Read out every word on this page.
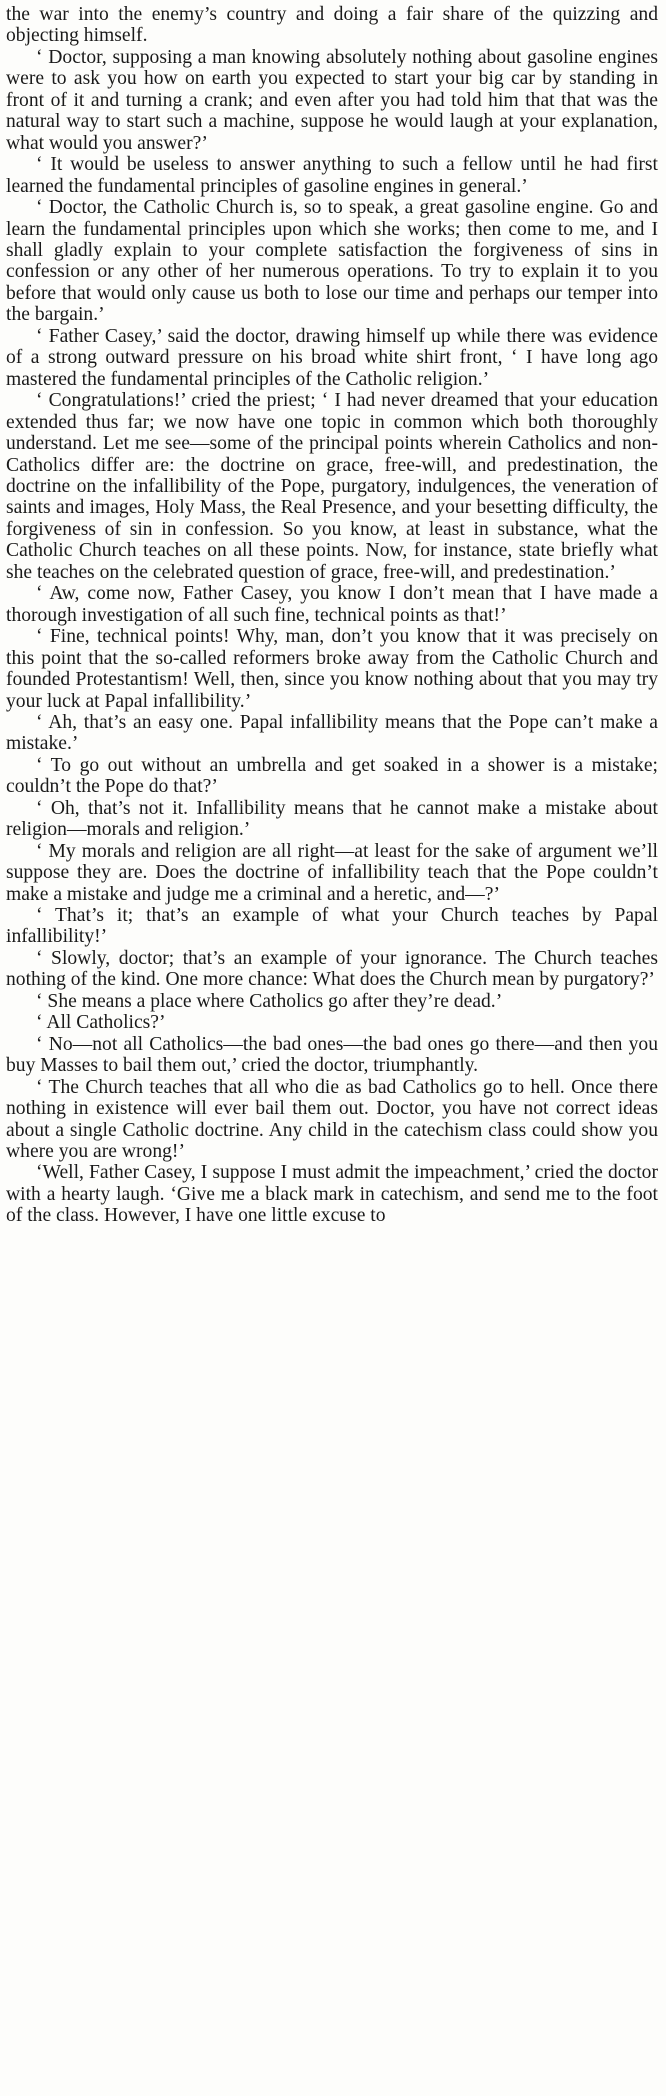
the war into the enemy’s country and doing a fair share of the quizzing and objecting himself.

‘ Doctor, supposing a man knowing absolutely nothing about gasoline engines were to ask you how on earth you expected to start your big car by standing in front of it and turning a crank; and even after you had told him that that was the natural way to start such a machine, suppose he would laugh at your explanation, what would you answer?’

‘ It would be useless to answer anything to such a fellow until he had first learned the fundamental principles of gasoline engines in general.’

‘ Doctor, the Catholic Church is, so to speak, a great gasoline engine. Go and learn the fundamental principles upon which she works; then come to me, and I shall gladly explain to your complete satisfaction the forgiveness of sins in confession or any other of her numerous operations. To try to explain it to you before that would only cause us both to lose our time and perhaps our temper into the bargain.’

‘ Father Casey,’ said the doctor, drawing himself up while there was evidence of a strong outward pressure on his broad white shirt front, ‘ I have long ago mastered the fundamental principles of the Catholic religion.’

‘ Congratulations!’ cried the priest; ‘ I had never dreamed that your education extended thus far; we now have one topic in common which both thoroughly understand. Let me see—some of the principal points wherein Catholics and non-Catholics differ are: the doctrine on grace, free-will, and predestination, the doctrine on the infallibility of the Pope, purgatory, indulgences, the veneration of saints and images, Holy Mass, the Real Presence, and your besetting difficulty, the forgiveness of sin in confession. So you know, at least in substance, what the Catholic Church teaches on all these points. Now, for instance, state briefly what she teaches on the celebrated question of grace, free-will, and predestination.’

‘ Aw, come now, Father Casey, you know I don’t mean that I have made a thorough investigation of all such fine, technical points as that!’

‘ Fine, technical points! Why, man, don’t you know that it was precisely on this point that the so-called reformers broke away from the Catholic Church and founded Protestantism! Well, then, since you know nothing about that you may try your luck at Papal infallibility.’

‘ Ah, that’s an easy one. Papal infallibility means that the Pope can’t make a mistake.’

‘ To go out without an umbrella and get soaked in a shower is a mistake; couldn’t the Pope do that?’

‘ Oh, that’s not it. Infallibility means that he cannot make a mistake about religion—morals and religion.’

‘ My morals and religion are all right—at least for the sake of argument we’ll suppose they are. Does the doctrine of infallibility teach that the Pope couldn’t make a mistake and judge me a criminal and a heretic, and—?’

‘ That’s it; that’s an example of what your Church teaches by Papal infallibility!’

‘ Slowly, doctor; that’s an example of your ignorance. The Church teaches nothing of the kind. One more chance: What does the Church mean by purgatory?’

‘ She means a place where Catholics go after they’re dead.’

‘ All Catholics?’

‘ No—not all Catholics—the bad ones—the bad ones go there—and then you buy Masses to bail them out,’ cried the doctor, triumphantly.

‘ The Church teaches that all who die as bad Catholics go to hell. Once there nothing in existence will ever bail them out. Doctor, you have not correct ideas about a single Catholic doctrine. Any child in the catechism class could show you where you are wrong!’

‘Well, Father Casey, I suppose I must admit the impeachment,’ cried the doctor with a hearty laugh. ‘Give me a black mark in catechism, and send me to the foot of the class. However, I have one little excuse to
